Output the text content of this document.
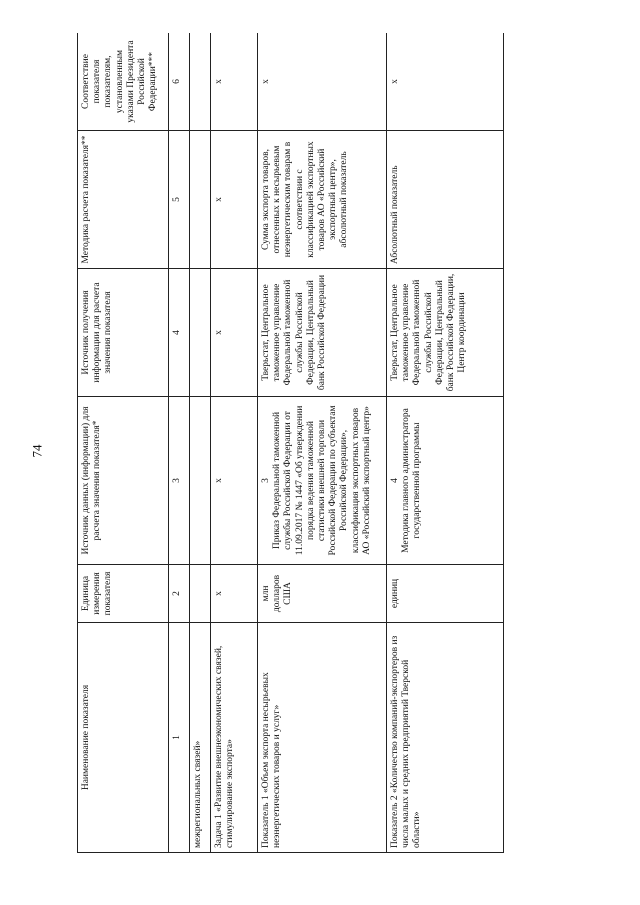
74
Наименование показателя	Единица измерения показателя	Источник данных (информации) для расчета значения показателя*	Источник получения информации для расчета значения показателя	Методика расчета показателя**	Соответствие показателя показателям, установленным указами Президента Российской Федерации***
1	2	3	4	5	6
межрегиональных связей»					
Задача 1 «Развитие внешнеэкономических связей, стимулирование экспорта»	х	х	х	х	х
Показатель 1 «Объем экспорта несырьевых неэнергетических товаров и услуг»	млн долларов США	3 Приказ Федеральной таможенной службы Российской Федерации от 11.09.2017 № 1447 «Об утверждении порядка ведения таможенной статистики внешней торговли Российской Федерации по субъектам Российской Федерации», классификация экспортных товаров АО «Российский экспортный центр»	Тверьстат, Центральное таможенное управление Федеральной таможенной службы Российской Федерации, Центральный банк Российской Федерации	Сумма экспорта товаров, отнесенных к несырьевым неэнергетическим товарам в соответствии с классификацией экспортных товаров АО «Российский экспортный центр», абсолютный показатель	х
Показатель 2 «Количество компаний-экспортеров из числа малых и средних предприятий Тверской области»	единиц	4 Методика главного администратора государственной программы	Тверьстат, Центральное таможенное управление Федеральной таможенной службы Российской Федерации, Центральный банк Российской Федерации, Центр координации	Абсолютный показатель	х
